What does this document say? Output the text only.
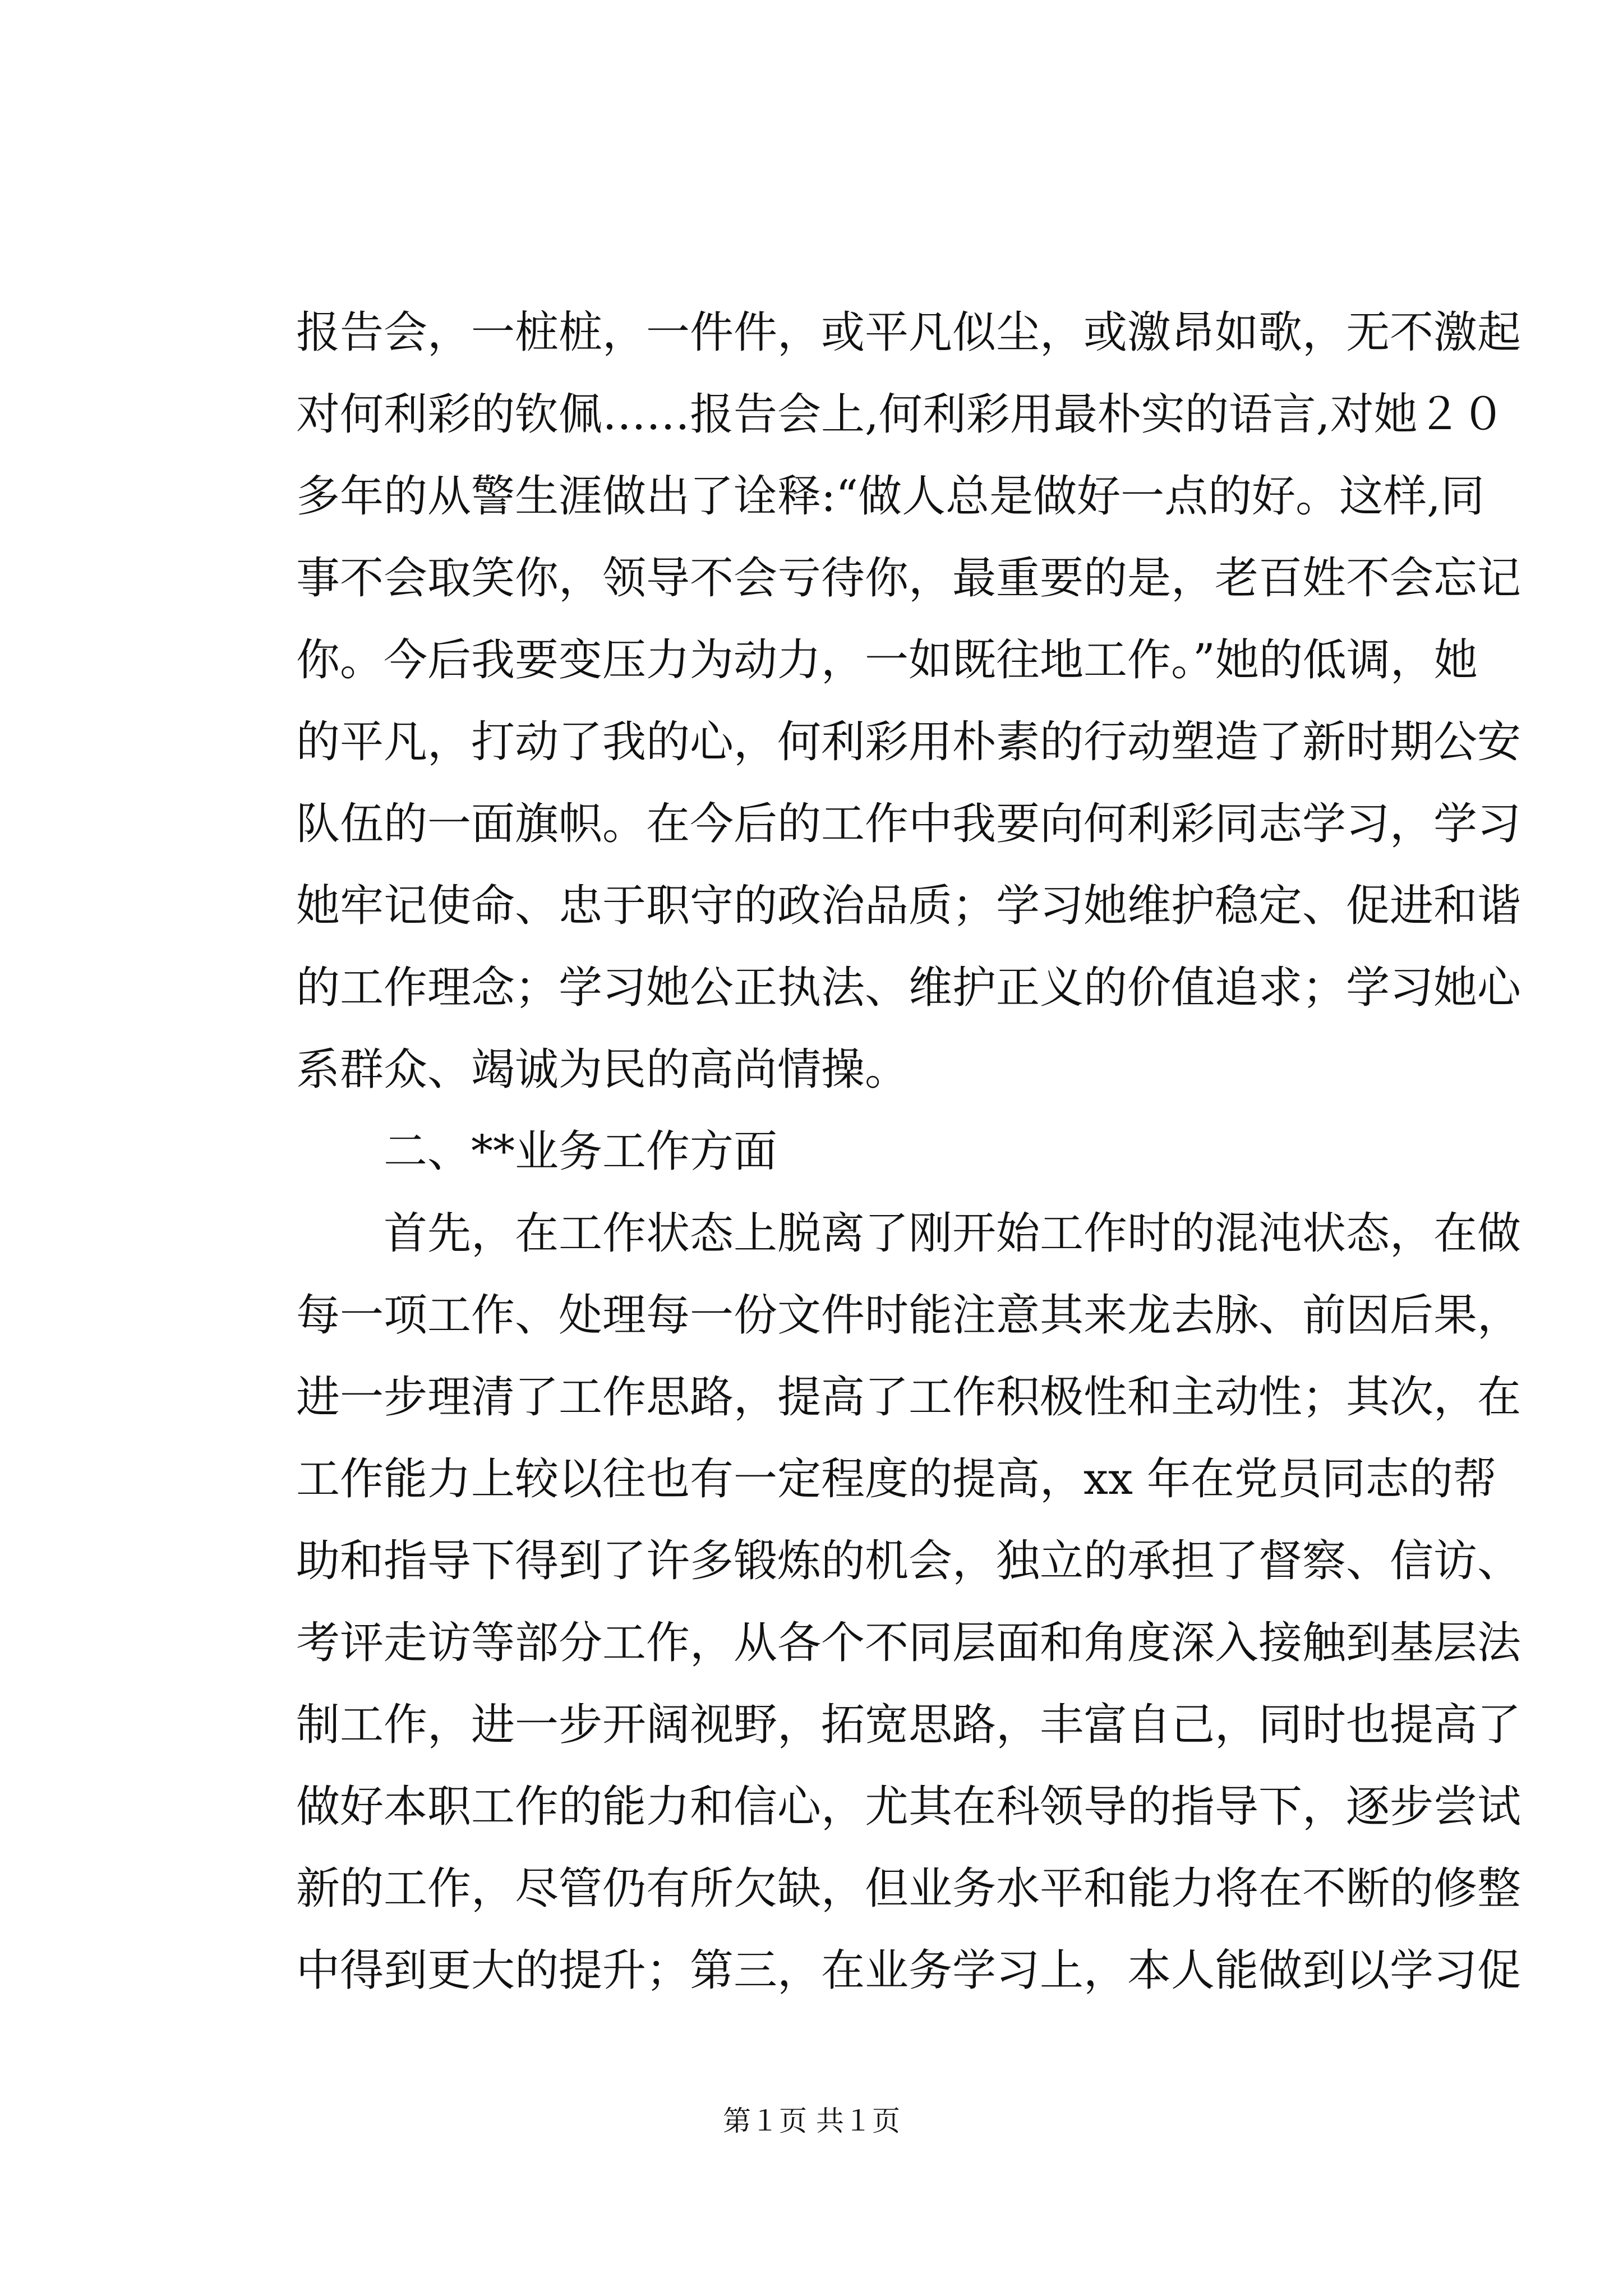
报告会，一桩桩，一件件，或平凡似尘，或激昂如歌，无不激起
对何利彩的钦佩……报告会上,何利彩用最朴实的语言,对她２０
多年的从警生涯做出了诠释:“做人总是做好一点的好。这样,同
事不会取笑你，领导不会亏待你，最重要的是，老百姓不会忘记
你。今后我要变压力为动力，一如既往地工作。”她的低调，她
的平凡，打动了我的心，何利彩用朴素的行动塑造了新时期公安
队伍的一面旗帜。在今后的工作中我要向何利彩同志学习，学习
她牢记使命、忠于职守的政治品质；学习她维护稳定、促进和谐
的工作理念；学习她公正执法、维护正义的价值追求；学习她心
系群众、竭诚为民的高尚情操。
二、**业务工作方面
首先，在工作状态上脱离了刚开始工作时的混沌状态，在做
每一项工作、处理每一份文件时能注意其来龙去脉、前因后果，
进一步理清了工作思路，提高了工作积极性和主动性；其次，在
工作能力上较以往也有一定程度的提高，xx 年在党员同志的帮
助和指导下得到了许多锻炼的机会，独立的承担了督察、信访、
考评走访等部分工作，从各个不同层面和角度深入接触到基层法
制工作，进一步开阔视野，拓宽思路，丰富自己，同时也提高了
做好本职工作的能力和信心，尤其在科领导的指导下，逐步尝试
新的工作，尽管仍有所欠缺，但业务水平和能力将在不断的修整
中得到更大的提升；第三，在业务学习上，本人能做到以学习促
第１页 共１页
